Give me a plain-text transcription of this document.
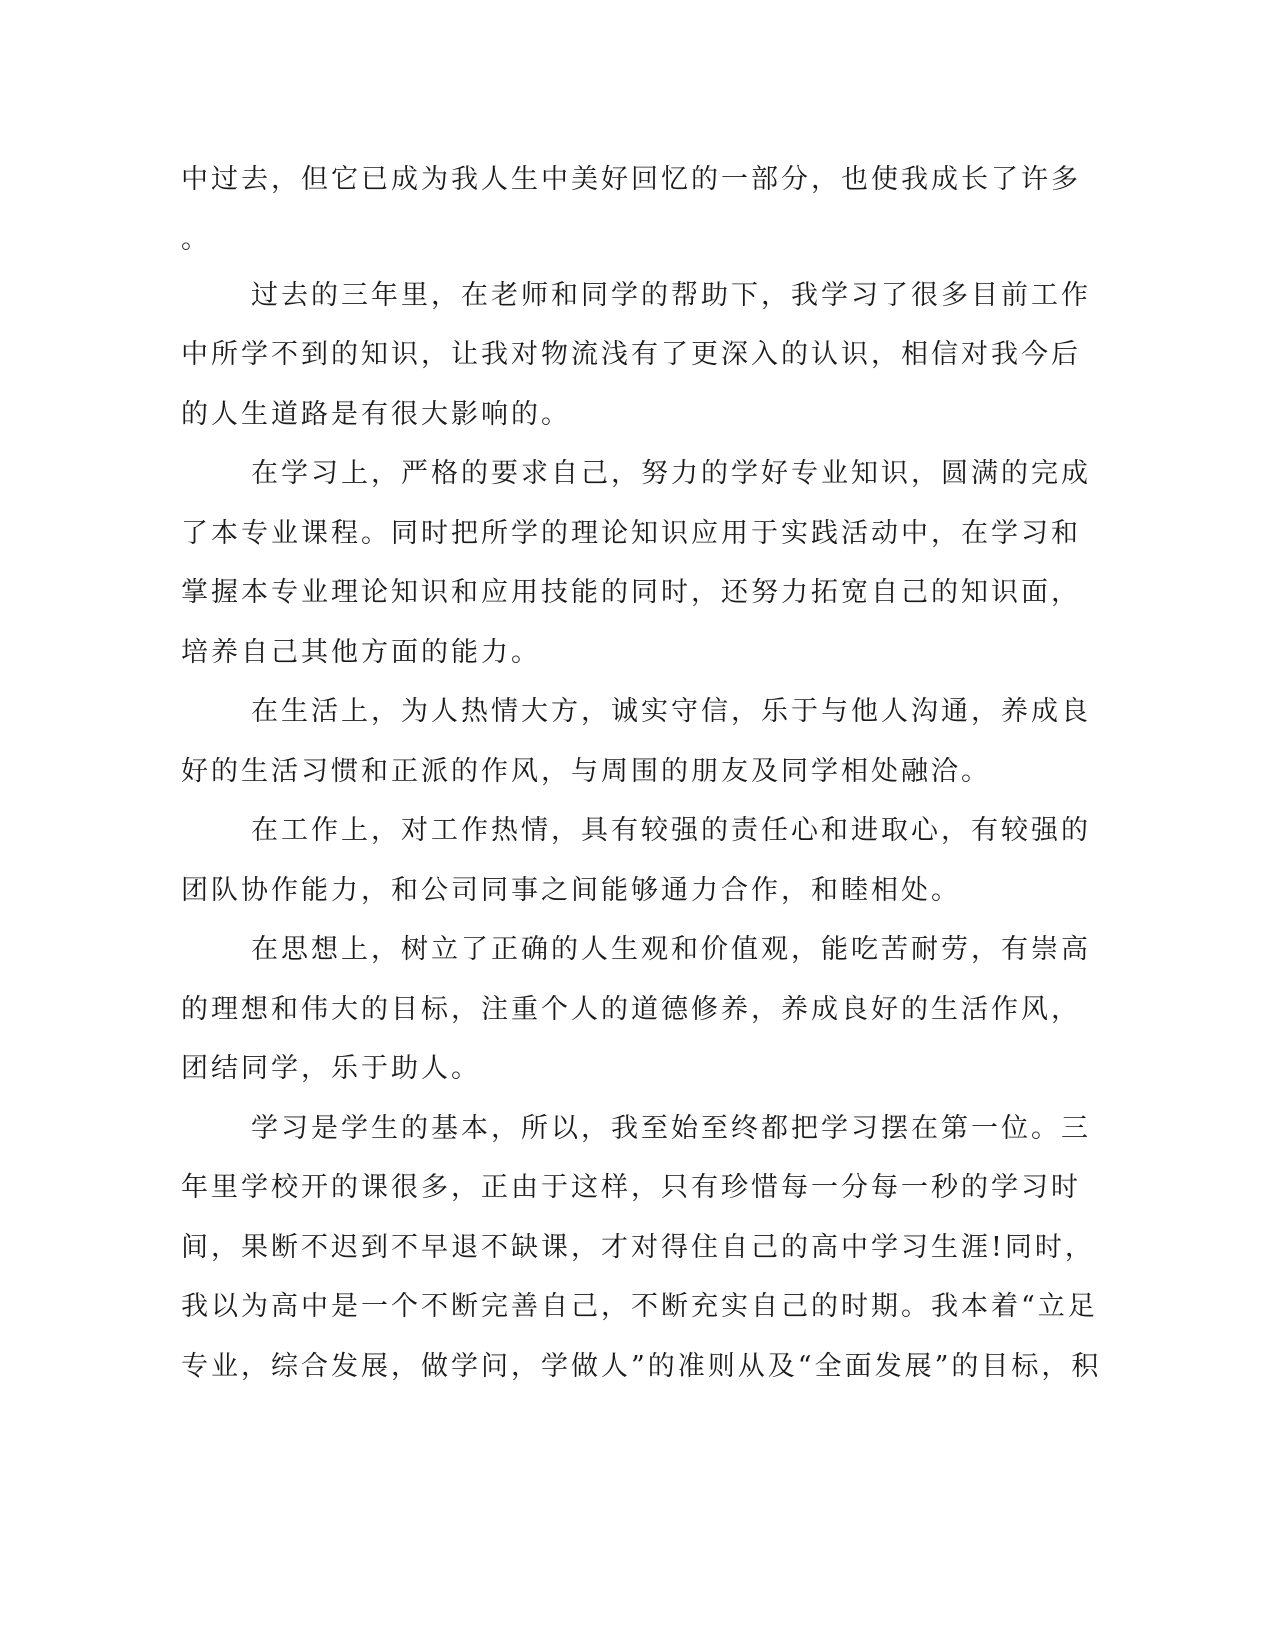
中过去，但它已成为我人生中美好回忆的一部分，也使我成长了许多
。
过去的三年里，在老师和同学的帮助下，我学习了很多目前工作
中所学不到的知识，让我对物流浅有了更深入的认识，相信对我今后
的人生道路是有很大影响的。
在学习上，严格的要求自己，努力的学好专业知识，圆满的完成
了本专业课程。同时把所学的理论知识应用于实践活动中，在学习和
掌握本专业理论知识和应用技能的同时，还努力拓宽自己的知识面，
培养自己其他方面的能力。
在生活上，为人热情大方，诚实守信，乐于与他人沟通，养成良
好的生活习惯和正派的作风，与周围的朋友及同学相处融洽。
在工作上，对工作热情，具有较强的责任心和进取心，有较强的
团队协作能力，和公司同事之间能够通力合作，和睦相处。
在思想上，树立了正确的人生观和价值观，能吃苦耐劳，有崇高
的理想和伟大的目标，注重个人的道德修养，养成良好的生活作风，
团结同学，乐于助人。
学习是学生的基本，所以，我至始至终都把学习摆在第一位。三
年里学校开的课很多，正由于这样，只有珍惜每一分每一秒的学习时
间，果断不迟到不早退不缺课，才对得住自己的高中学习生涯!同时，
我以为高中是一个不断完善自己，不断充实自己的时期。我本着“立足
专业，综合发展，做学问，学做人”的准则从及“全面发展”的目标，积
